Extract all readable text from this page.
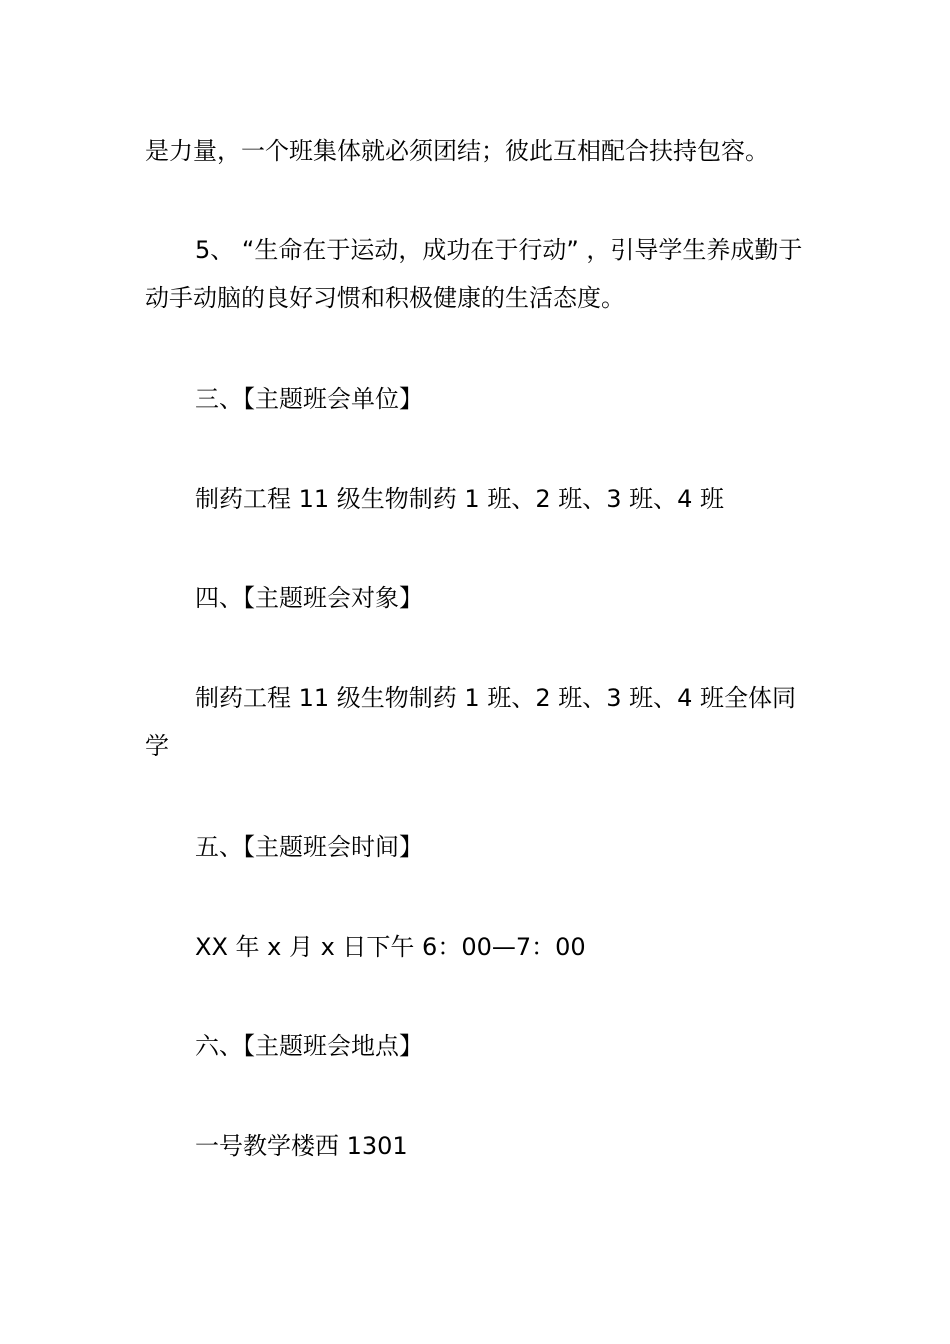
是力量，一个班集体就必须团结；彼此互相配合扶持包容。

5、 “生命在于运动，成功在于行动” ，引导学生养成勤于动手动脑的良好习惯和积极健康的生活态度。

三、【主题班会单位】

制药工程 11 级生物制药 1 班、2 班、3 班、4 班

四、【主题班会对象】

制药工程 11 级生物制药 1 班、2 班、3 班、4 班全体同学

五、【主题班会时间】

XX 年 x 月 x 日下午 6：00—7：00

六、【主题班会地点】

一号教学楼西 1301
